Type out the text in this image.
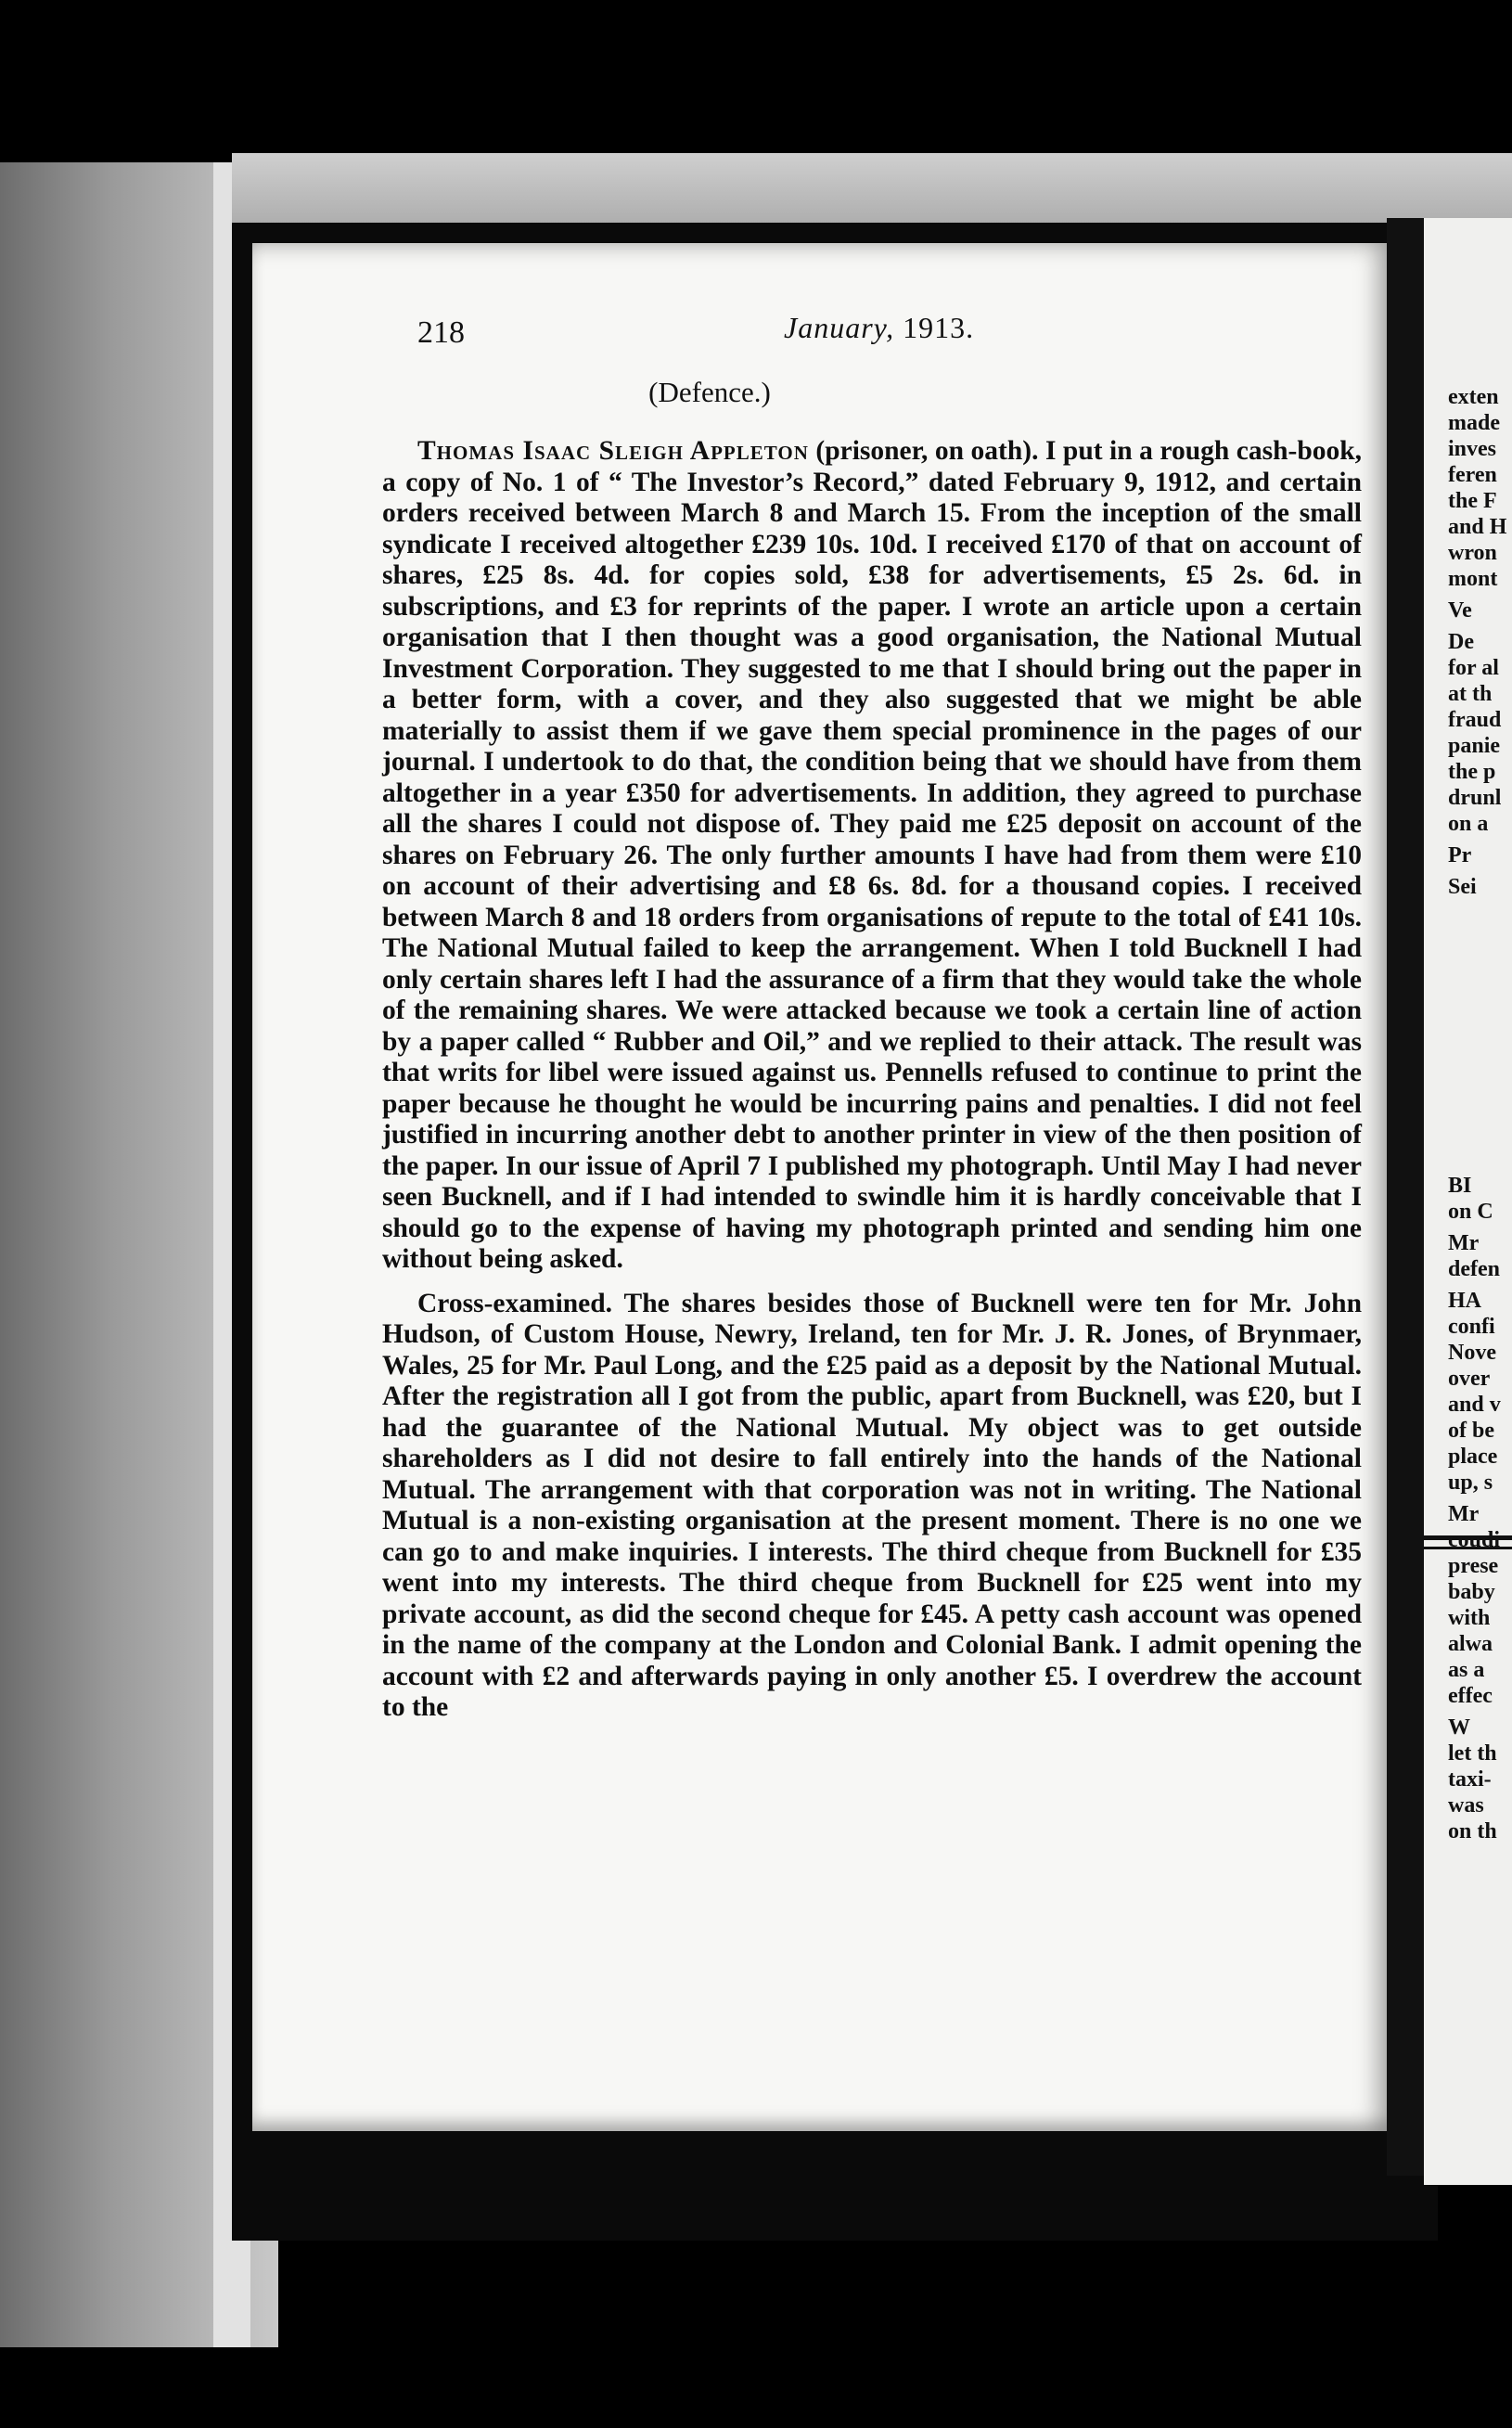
exten
made
inves
feren
the F
and H
wron
mont
Ve
De
for al
at th
fraud
panie
the p
drunl
on a
Pr
Sei
BI
on C
Mr
defen
HA
confi
Nove
over
and v
of be
place
up, s
Mr
coudi
prese
baby
with
alwa
as a
effec
W
let th
taxi-
was
on th
218	January, 1913.
(Defence.)

Thomas Isaac Sleigh Appleton (prisoner, on oath). I put in a rough cash-book, a copy of No. 1 of “ The Investor’s Record,” dated February 9, 1912, and certain orders received between March 8 and March 15. From the inception of the small syndicate I received altogether £239 10s. 10d. I received £170 of that on account of shares, £25 8s. 4d. for copies sold, £38 for advertisements, £5 2s. 6d. in subscriptions, and £3 for reprints of the paper. I wrote an article upon a certain organisation that I then thought was a good organisation, the National Mutual Investment Corporation. They suggested to me that I should bring out the paper in a better form, with a cover, and they also suggested that we might be able materially to assist them if we gave them special prominence in the pages of our journal. I undertook to do that, the condition being that we should have from them altogether in a year £350 for advertisements. In addition, they agreed to purchase all the shares I could not dispose of. They paid me £25 deposit on account of the shares on February 26. The only further amounts I have had from them were £10 on account of their advertising and £8 6s. 8d. for a thousand copies. I received between March 8 and 18 orders from organisations of repute to the total of £41 10s. The National Mutual failed to keep the arrangement. When I told Bucknell I had only certain shares left I had the assurance of a firm that they would take the whole of the remaining shares. We were attacked because we took a certain line of action by a paper called “ Rubber and Oil,” and we replied to their attack. The result was that writs for libel were issued against us. Pennells refused to continue to print the paper because he thought he would be incurring pains and penalties. I did not feel justified in incurring another debt to another printer in view of the then position of the paper. In our issue of April 7 I published my photograph. Until May I had never seen Bucknell, and if I had intended to swindle him it is hardly conceivable that I should go to the expense of having my photograph printed and sending him one without being asked.

Cross-examined. The shares besides those of Bucknell were ten for Mr. John Hudson, of Custom House, Newry, Ireland, ten for Mr. J. R. Jones, of Brynmaer, Wales, 25 for Mr. Paul Long, and the £25 paid as a deposit by the National Mutual. After the registration all I got from the public, apart from Bucknell, was £20, but I had the guarantee of the National Mutual. My object was to get outside shareholders as I did not desire to fall entirely into the hands of the National Mutual. The arrangement with that corporation was not in writing. The National Mutual is a non-existing organisation at the present moment. There is no one we can go to and make inquiries. I interests. The third cheque from Bucknell for £35 went into my interests. The third cheque from Bucknell for £25 went into my private account, as did the second cheque for £45. A petty cash account was opened in the name of the company at the London and Colonial Bank. I admit opening the account with £2 and afterwards paying in only another £5. I overdrew the account to the
